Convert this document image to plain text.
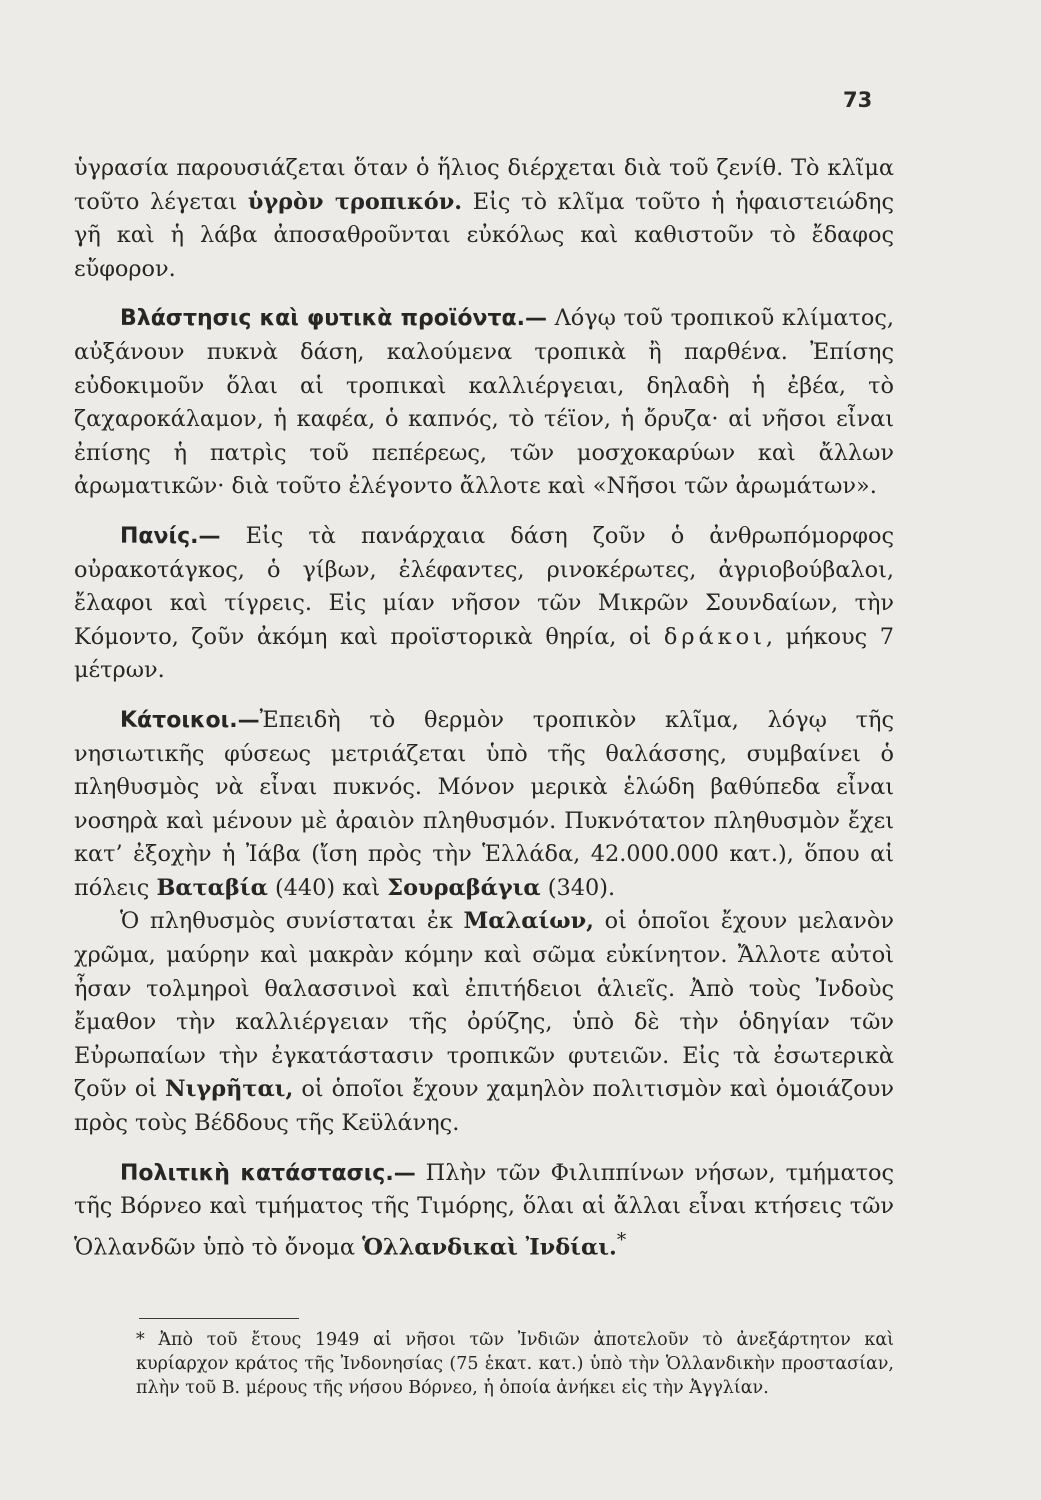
73

ὑγρασία παρουσιάζεται ὅταν ὁ ἥλιος διέρχεται διὰ τοῦ ζενίθ. Τὸ κλῖμα τοῦτο λέγεται ὑγρὸν τροπικόν. Εἰς τὸ κλῖμα τοῦτο ἡ ἡφαιστειώδης γῆ καὶ ἡ λάβα ἀποσαθροῦνται εὐκόλως καὶ καθιστοῦν τὸ ἔδαφος εὔφορον.

Βλάστησις καὶ φυτικὰ προϊόντα.— Λόγῳ τοῦ τροπικοῦ κλίματος, αὐξάνουν πυκνὰ δάση, καλούμενα τροπικὰ ἢ παρθένα. Ἐπίσης εὐδοκιμοῦν ὅλαι αἱ τροπικαὶ καλλιέργειαι, δηλαδὴ ἡ ἐβέα, τὸ ζαχαροκάλαμον, ἡ καφέα, ὁ καπνός, τὸ τέϊον, ἡ ὄρυζα· αἱ νῆσοι εἶναι ἐπίσης ἡ πατρὶς τοῦ πεπέρεως, τῶν μοσχοκαρύων καὶ ἄλλων ἀρωματικῶν· διὰ τοῦτο ἐλέγοντο ἄλλοτε καὶ «Νῆσοι τῶν ἀρωμάτων».

Πανίς.— Εἰς τὰ πανάρχαια δάση ζοῦν ὁ ἀνθρωπόμορφος οὐρακοτάγκος, ὁ γίβων, ἐλέφαντες, ρινοκέρωτες, ἀγριοβούβαλοι, ἔλαφοι καὶ τίγρεις. Εἰς μίαν νῆσον τῶν Μικρῶν Σουνδαίων, τὴν Κόμοντο, ζοῦν ἀκόμη καὶ προϊστορικὰ θηρία, οἱ δράκοι, μήκους 7 μέτρων.

Κάτοικοι.—Ἐπειδὴ τὸ θερμὸν τροπικὸν κλῖμα, λόγῳ τῆς νησιωτικῆς φύσεως μετριάζεται ὑπὸ τῆς θαλάσσης, συμβαίνει ὁ πληθυσμὸς νὰ εἶναι πυκνός. Μόνον μερικὰ ἑλώδη βαθύπεδα εἶναι νοσηρὰ καὶ μένουν μὲ ἀραιὸν πληθυσμόν. Πυκνότατον πληθυσμὸν ἔχει κατ’ ἐξοχὴν ἡ Ἰάβα (ἴση πρὸς τὴν Ἑλλάδα, 42.000.000 κατ.), ὅπου αἱ πόλεις Βαταβία (440) καὶ Σουραβάγια (340).

Ὁ πληθυσμὸς συνίσταται ἐκ Μαλαίων, οἱ ὁποῖοι ἔχουν μελανὸν χρῶμα, μαύρην καὶ μακρὰν κόμην καὶ σῶμα εὐκίνητον. Ἄλλοτε αὐτοὶ ἦσαν τολμηροὶ θαλασσινοὶ καὶ ἐπιτήδειοι ἁλιεῖς. Ἀπὸ τοὺς Ἰνδοὺς ἔμαθον τὴν καλλιέργειαν τῆς ὀρύζης, ὑπὸ δὲ τὴν ὁδηγίαν τῶν Εὐρωπαίων τὴν ἐγκατάστασιν τροπικῶν φυτειῶν. Εἰς τὰ ἐσωτερικὰ ζοῦν οἱ Νιγρῆται, οἱ ὁποῖοι ἔχουν χαμηλὸν πολιτισμὸν καὶ ὁμοιάζουν πρὸς τοὺς Βέδδους τῆς Κεϋλάνης.

Πολιτικὴ κατάστασις.— Πλὴν τῶν Φιλιππίνων νήσων, τμήματος τῆς Βόρνεο καὶ τμήματος τῆς Τιμόρης, ὅλαι αἱ ἄλλαι εἶναι κτήσεις τῶν Ὁλλανδῶν ὑπὸ τὸ ὄνομα Ὁλλανδικαὶ Ἰνδίαι.*

* Ἀπὸ τοῦ ἔτους 1949 αἱ νῆσοι τῶν Ἰνδιῶν ἀποτελοῦν τὸ ἀνεξάρτητον καὶ κυρίαρχον κράτος τῆς Ἰνδονησίας (75 ἑκατ. κατ.) ὑπὸ τὴν Ὁλλανδικὴν προστασίαν, πλὴν τοῦ Β. μέρους τῆς νήσου Βόρνεο, ἡ ὁποία ἀνήκει εἰς τὴν Ἀγγλίαν.
